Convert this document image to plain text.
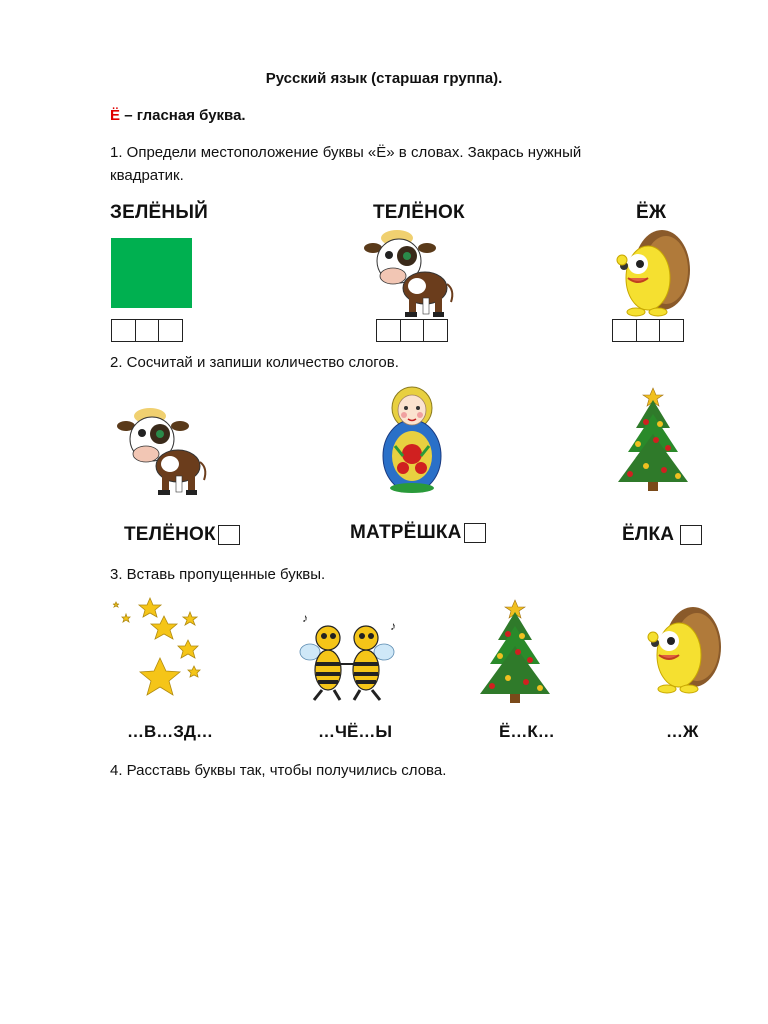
Русский язык (старшая группа).
Ё – гласная буква.
1. Определи местоположение буквы «Ё» в словах. Закрась нужный квадратик.
ЗЕЛЁНЫЙ	ТЕЛЁНОК	ЁЖ
2. Сосчитай и запиши количество слогов.
ТЕЛЁНОК	МАТРЁШКА	ЁЛКА
3. Вставь пропущенные буквы.
♪
♪
…В…ЗД…	…ЧЁ…Ы	Ё…К…	…Ж
4. Расставь буквы так, чтобы получились слова.
